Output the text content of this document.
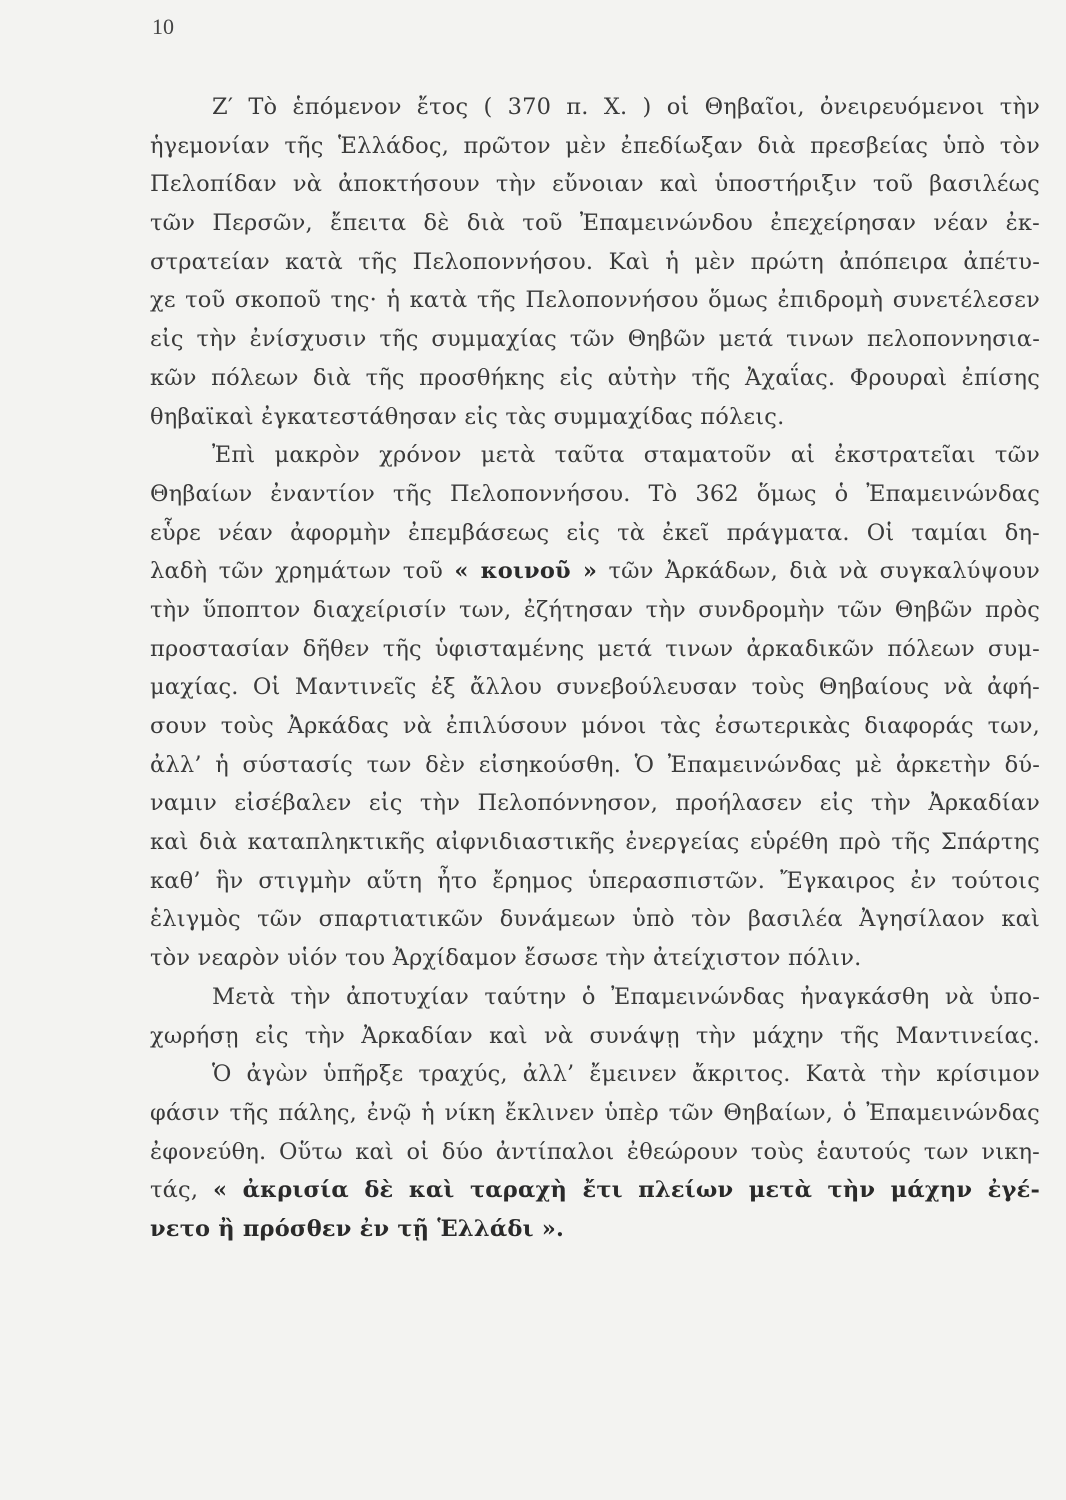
10
Ζ′ Τὸ ἑπόμενον ἔτος ( 370 π. Χ. ) οἱ Θηβαῖοι, ὀνειρευόμενοι τὴν
ἡγεμονίαν τῆς Ἑλλάδος, πρῶτον μὲν ἐπεδίωξαν διὰ πρεσβείας ὑπὸ τὸν
Πελοπίδαν νὰ ἀποκτήσουν τὴν εὔνοιαν καὶ ὑποστήριξιν τοῦ βασιλέως
τῶν Περσῶν, ἔπειτα δὲ διὰ τοῦ Ἐπαμεινώνδου ἐπεχείρησαν νέαν ἐκ-
στρατείαν κατὰ τῆς Πελοποννήσου. Καὶ ἡ μὲν πρώτη ἀπόπειρα ἀπέτυ-
χε τοῦ σκοποῦ της· ἡ κατὰ τῆς Πελοποννήσου ὅμως ἐπιδρομὴ συνετέλεσεν
εἰς τὴν ἐνίσχυσιν τῆς συμμαχίας τῶν Θηβῶν μετά τινων πελοποννησια-
κῶν πόλεων διὰ τῆς προσθήκης εἰς αὐτὴν τῆς Ἀχαΐας. Φρουραὶ ἐπίσης
θηβαϊκαὶ ἐγκατεστάθησαν εἰς τὰς συμμαχίδας πόλεις.
Ἐπὶ μακρὸν χρόνον μετὰ ταῦτα σταματοῦν αἱ ἐκστρατεῖαι τῶν
Θηβαίων ἐναντίον τῆς Πελοποννήσου. Τὸ 362 ὅμως ὁ Ἐπαμεινώνδας
εὗρε νέαν ἀφορμὴν ἐπεμβάσεως εἰς τὰ ἐκεῖ πράγματα. Οἱ ταμίαι δη-
λαδὴ τῶν χρημάτων τοῦ « κοινοῦ » τῶν Ἀρκάδων, διὰ νὰ συγκαλύψουν
τὴν ὕποπτον διαχείρισίν των, ἐζήτησαν τὴν συνδρομὴν τῶν Θηβῶν πρὸς
προστασίαν δῆθεν τῆς ὑφισταμένης μετά τινων ἀρκαδικῶν πόλεων συμ-
μαχίας. Οἱ Μαντινεῖς ἐξ ἄλλου συνεβούλευσαν τοὺς Θηβαίους νὰ ἀφή-
σουν τοὺς Ἀρκάδας νὰ ἐπιλύσουν μόνοι τὰς ἐσωτερικὰς διαφοράς των,
ἀλλ’ ἡ σύστασίς των δὲν εἰσηκούσθη. Ὁ Ἐπαμεινώνδας μὲ ἀρκετὴν δύ-
ναμιν εἰσέβαλεν εἰς τὴν Πελοπόννησον, προήλασεν εἰς τὴν Ἀρκαδίαν
καὶ διὰ καταπληκτικῆς αἰφνιδιαστικῆς ἐνεργείας εὑρέθη πρὸ τῆς Σπάρτης
καθ’ ἣν στιγμὴν αὕτη ἦτο ἔρημος ὑπερασπιστῶν. Ἔγκαιρος ἐν τούτοις
ἑλιγμὸς τῶν σπαρτιατικῶν δυνάμεων ὑπὸ τὸν βασιλέα Ἀγησίλαον καὶ
τὸν νεαρὸν υἱόν του Ἀρχίδαμον ἔσωσε τὴν ἀτείχιστον πόλιν.
Μετὰ τὴν ἀποτυχίαν ταύτην ὁ Ἐπαμεινώνδας ἠναγκάσθη νὰ ὑπο-
χωρήσῃ εἰς τὴν Ἀρκαδίαν καὶ νὰ συνάψῃ τὴν μάχην τῆς Μαντινείας.
Ὁ ἀγὼν ὑπῆρξε τραχύς, ἀλλ’ ἔμεινεν ἄκριτος. Κατὰ τὴν κρίσιμον
φάσιν τῆς πάλης, ἐνῷ ἡ νίκη ἔκλινεν ὑπὲρ τῶν Θηβαίων, ὁ Ἐπαμεινώνδας
ἐφονεύθη. Οὕτω καὶ οἱ δύο ἀντίπαλοι ἐθεώρουν τοὺς ἑαυτούς των νικη-
τάς, « ἀκρισία δὲ καὶ ταραχὴ ἔτι πλείων μετὰ τὴν μάχην ἐγέ-
νετο ἢ πρόσθεν ἐν τῇ Ἑλλάδι ».
